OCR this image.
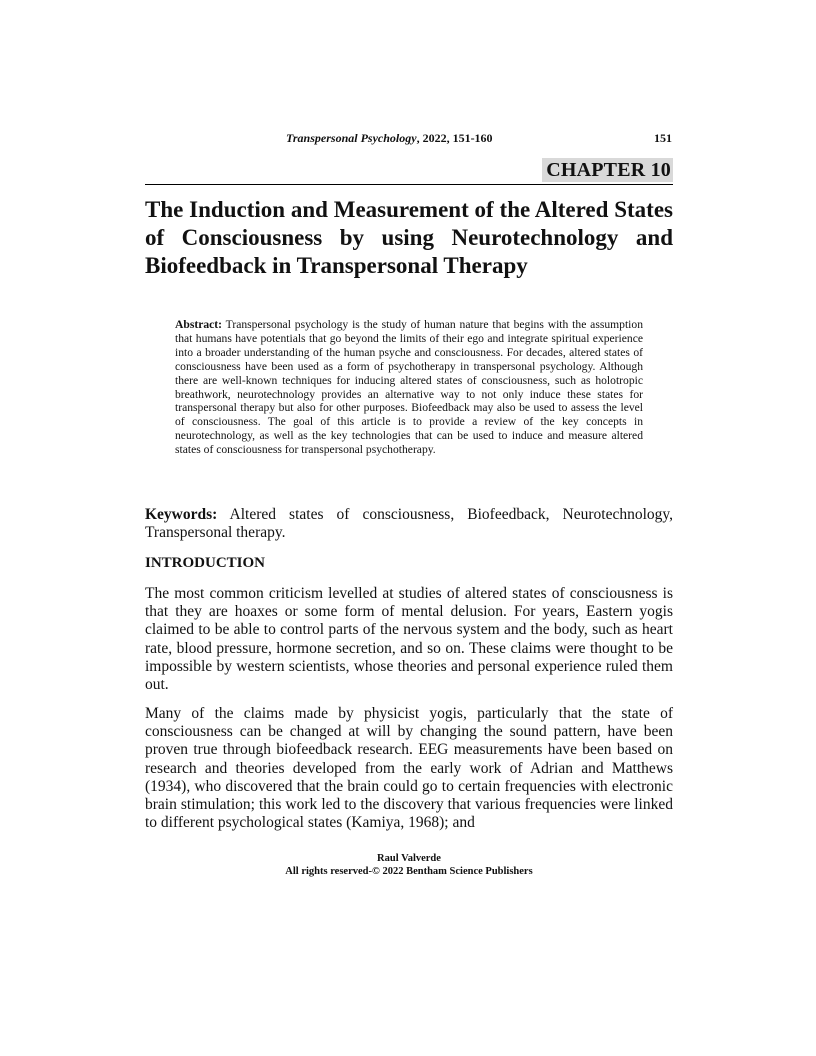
Transpersonal Psychology, 2022, 151-160	151
CHAPTER 10
The Induction and Measurement of the Altered States of Consciousness by using Neurotechnology and Biofeedback in Transpersonal Therapy

Abstract: Transpersonal psychology is the study of human nature that begins with the assumption that humans have potentials that go beyond the limits of their ego and integrate spiritual experience into a broader understanding of the human psyche and consciousness. For decades, altered states of consciousness have been used as a form of psychotherapy in transpersonal psychology. Although there are well-known techniques for inducing altered states of consciousness, such as holotropic breathwork, neurotechnology provides an alternative way to not only induce these states for transpersonal therapy but also for other purposes. Biofeedback may also be used to assess the level of consciousness. The goal of this article is to provide a review of the key concepts in neurotechnology, as well as the key technologies that can be used to induce and measure altered states of consciousness for transpersonal psychotherapy.

Keywords: Altered states of consciousness, Biofeedback, Neurotechnology, Transpersonal therapy.

INTRODUCTION

The most common criticism levelled at studies of altered states of consciousness is that they are hoaxes or some form of mental delusion. For years, Eastern yogis claimed to be able to control parts of the nervous system and the body, such as heart rate, blood pressure, hormone secretion, and so on. These claims were thought to be impossible by western scientists, whose theories and personal experience ruled them out.

Many of the claims made by physicist yogis, particularly that the state of consciousness can be changed at will by changing the sound pattern, have been proven true through biofeedback research. EEG measurements have been based on research and theories developed from the early work of Adrian and Matthews (1934), who discovered that the brain could go to certain frequencies with electronic brain stimulation; this work led to the discovery that various frequencies were linked to different psychological states (Kamiya, 1968); and

Raul Valverde
All rights reserved-© 2022 Bentham Science Publishers
